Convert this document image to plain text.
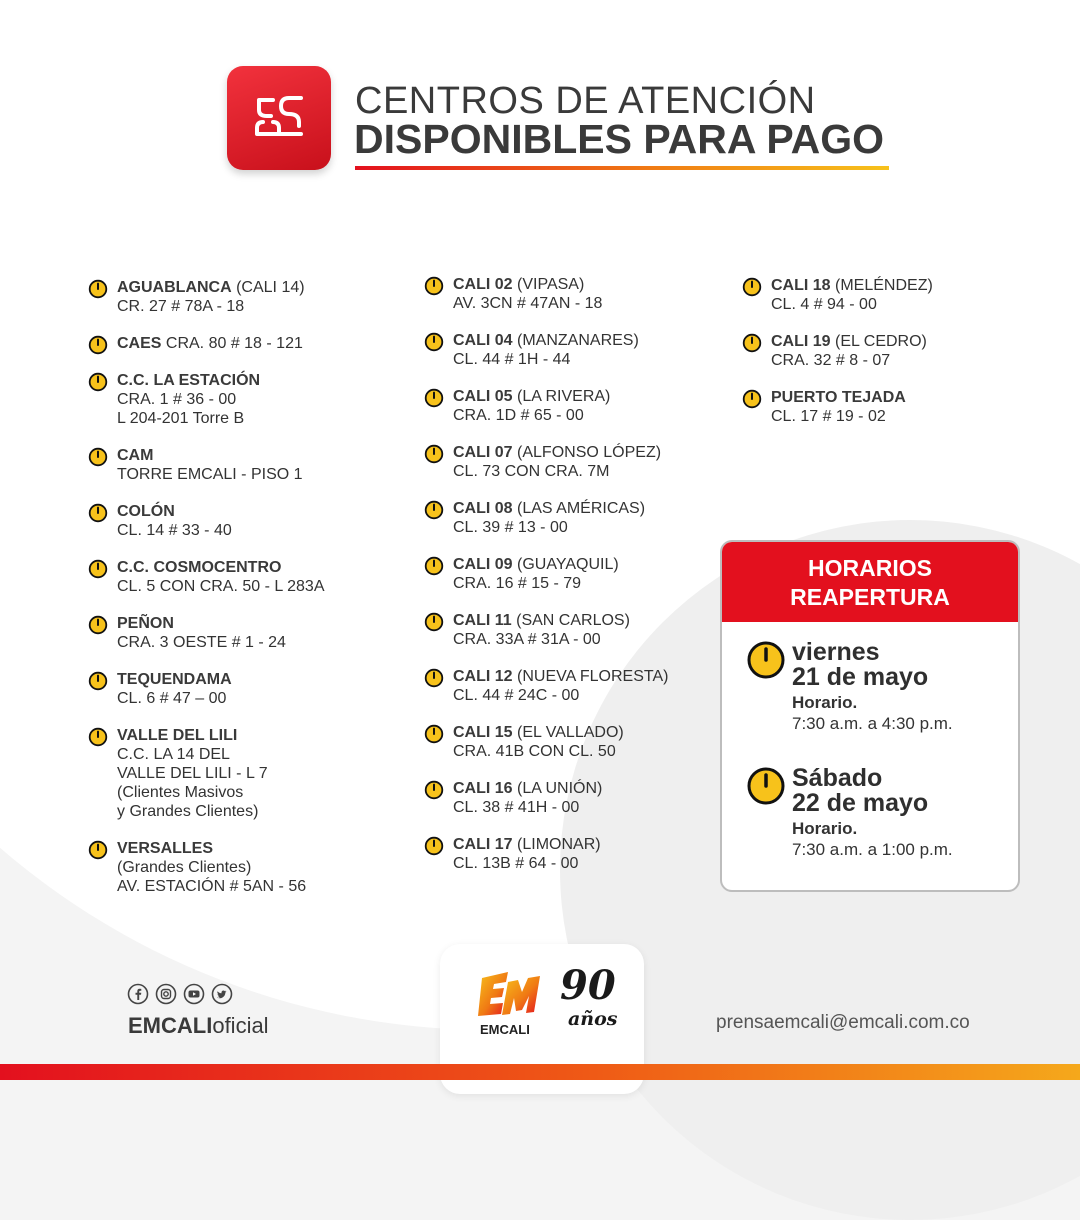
CENTROS DE ATENCIÓN
DISPONIBLES PARA PAGO
AGUABLANCA (CALI 14)
CR. 27 # 78A - 18
CAES CRA. 80 # 18 - 121
C.C. LA ESTACIÓN
CRA. 1 # 36 - 00
L 204-201 Torre B
CAM
TORRE EMCALI - PISO 1
COLÓN
CL. 14 # 33 - 40
C.C. COSMOCENTRO
CL. 5 CON CRA. 50 - L 283A
PEÑON
CRA. 3 OESTE # 1 - 24
TEQUENDAMA
CL. 6 # 47 – 00
VALLE DEL LILI
C.C. LA 14 DEL
VALLE DEL LILI - L 7
(Clientes Masivos
y Grandes Clientes)
VERSALLES
(Grandes Clientes)
AV. ESTACIÓN # 5AN - 56
CALI 02 (VIPASA)
AV. 3CN # 47AN - 18
CALI 04 (MANZANARES)
CL. 44 # 1H - 44
CALI 05 (LA RIVERA)
CRA. 1D # 65 - 00
CALI 07 (ALFONSO LÓPEZ)
CL. 73 CON CRA. 7M
CALI 08 (LAS AMÉRICAS)
CL. 39 # 13 - 00
CALI 09 (GUAYAQUIL)
CRA. 16 # 15 - 79
CALI 11 (SAN CARLOS)
CRA. 33A # 31A - 00
CALI 12 (NUEVA FLORESTA)
CL. 44 # 24C - 00
CALI 15 (EL VALLADO)
CRA. 41B CON CL. 50
CALI 16 (LA UNIÓN)
CL. 38 # 41H - 00
CALI 17 (LIMONAR)
CL. 13B # 64 - 00
CALI 18 (MELÉNDEZ)
CL. 4 # 94 - 00
CALI 19 (EL CEDRO)
CRA. 32 # 8 - 07
PUERTO TEJADA
CL. 17 # 19 - 02
HORARIOS
REAPERTURA
viernes
21 de mayo
Horario.
7:30 a.m. a 4:30 p.m.
Sábado
22 de mayo
Horario.
7:30 a.m. a 1:00 p.m.
EMCALIoficial	EMCALI
90
años	prensaemcali@emcali.com.co
